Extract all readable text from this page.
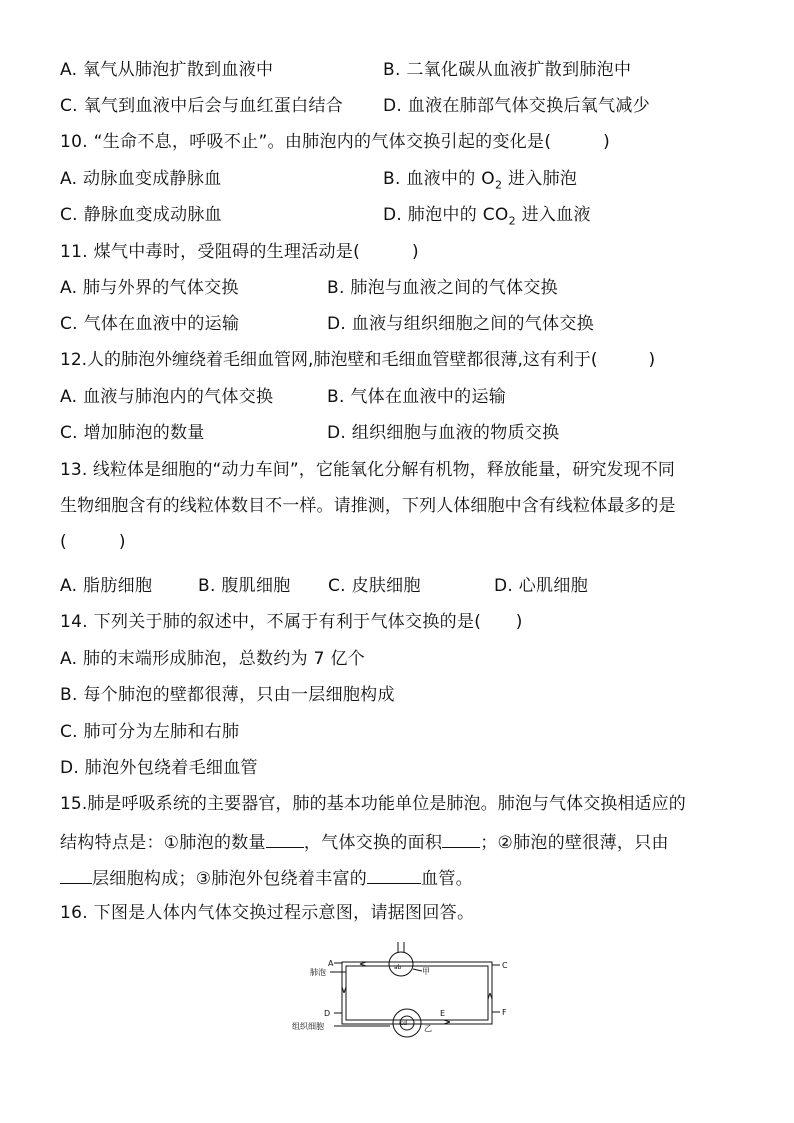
A. 氧气从肺泡扩散到血液中	B. 二氧化碳从血液扩散到肺泡中
C. 氧气到血液中后会与血红蛋白结合 D. 血液在肺部气体交换后氧气减少
10. “生命不息，呼吸不止”。由肺泡内的气体交换引起的变化是(　　　)
A. 动脉血变成静脉血	B. 血液中的 $O_2$ 进入肺泡
C. 静脉血变成动脉血	D. 肺泡中的 $CO_2$ 进入血液
11. 煤气中毒时，受阻碍的生理活动是(　　　)
A. 肺与外界的气体交换	B. 肺泡与血液之间的气体交换
C. 气体在血液中的运输	D. 血液与组织细胞之间的气体交换
12.人的肺泡外缠绕着毛细血管网,肺泡壁和毛细血管壁都很薄,这有利于(　　　)
A. 血液与肺泡内的气体交换	B. 气体在血液中的运输
C. 增加肺泡的数量	D. 组织细胞与血液的物质交换
13. 线粒体是细胞的“动力车间”，它能氧化分解有机物，释放能量，研究发现不同
生物细胞含有的线粒体数目不一样。请推测，下列人体细胞中含有线粒体最多的是
(　　　)
A. 脂肪细胞	B. 腹肌细胞 C. 皮肤细胞	D. 心肌细胞
14. 下列关于肺的叙述中，不属于有利于气体交换的是(　　)
A. 肺的末端形成肺泡，总数约为 7 亿个
B. 每个肺泡的壁都很薄，只由一层细胞构成
C. 肺可分为左肺和右肺
D. 肺泡外包绕着毛细血管
15.肺是呼吸系统的主要器官，肺的基本功能单位是肺泡。肺泡与气体交换相适应的
结构特点是：①肺泡的数量 ，气体交换的面积 ；②肺泡的壁很薄，只由
层细胞构成；③肺泡外包绕着丰富的	血管。
16. 下图是人体内气体交换过程示意图，请据图回答。
A
肺泡	甲
ab	C
D	E	F
组织细胞	cd
乙
